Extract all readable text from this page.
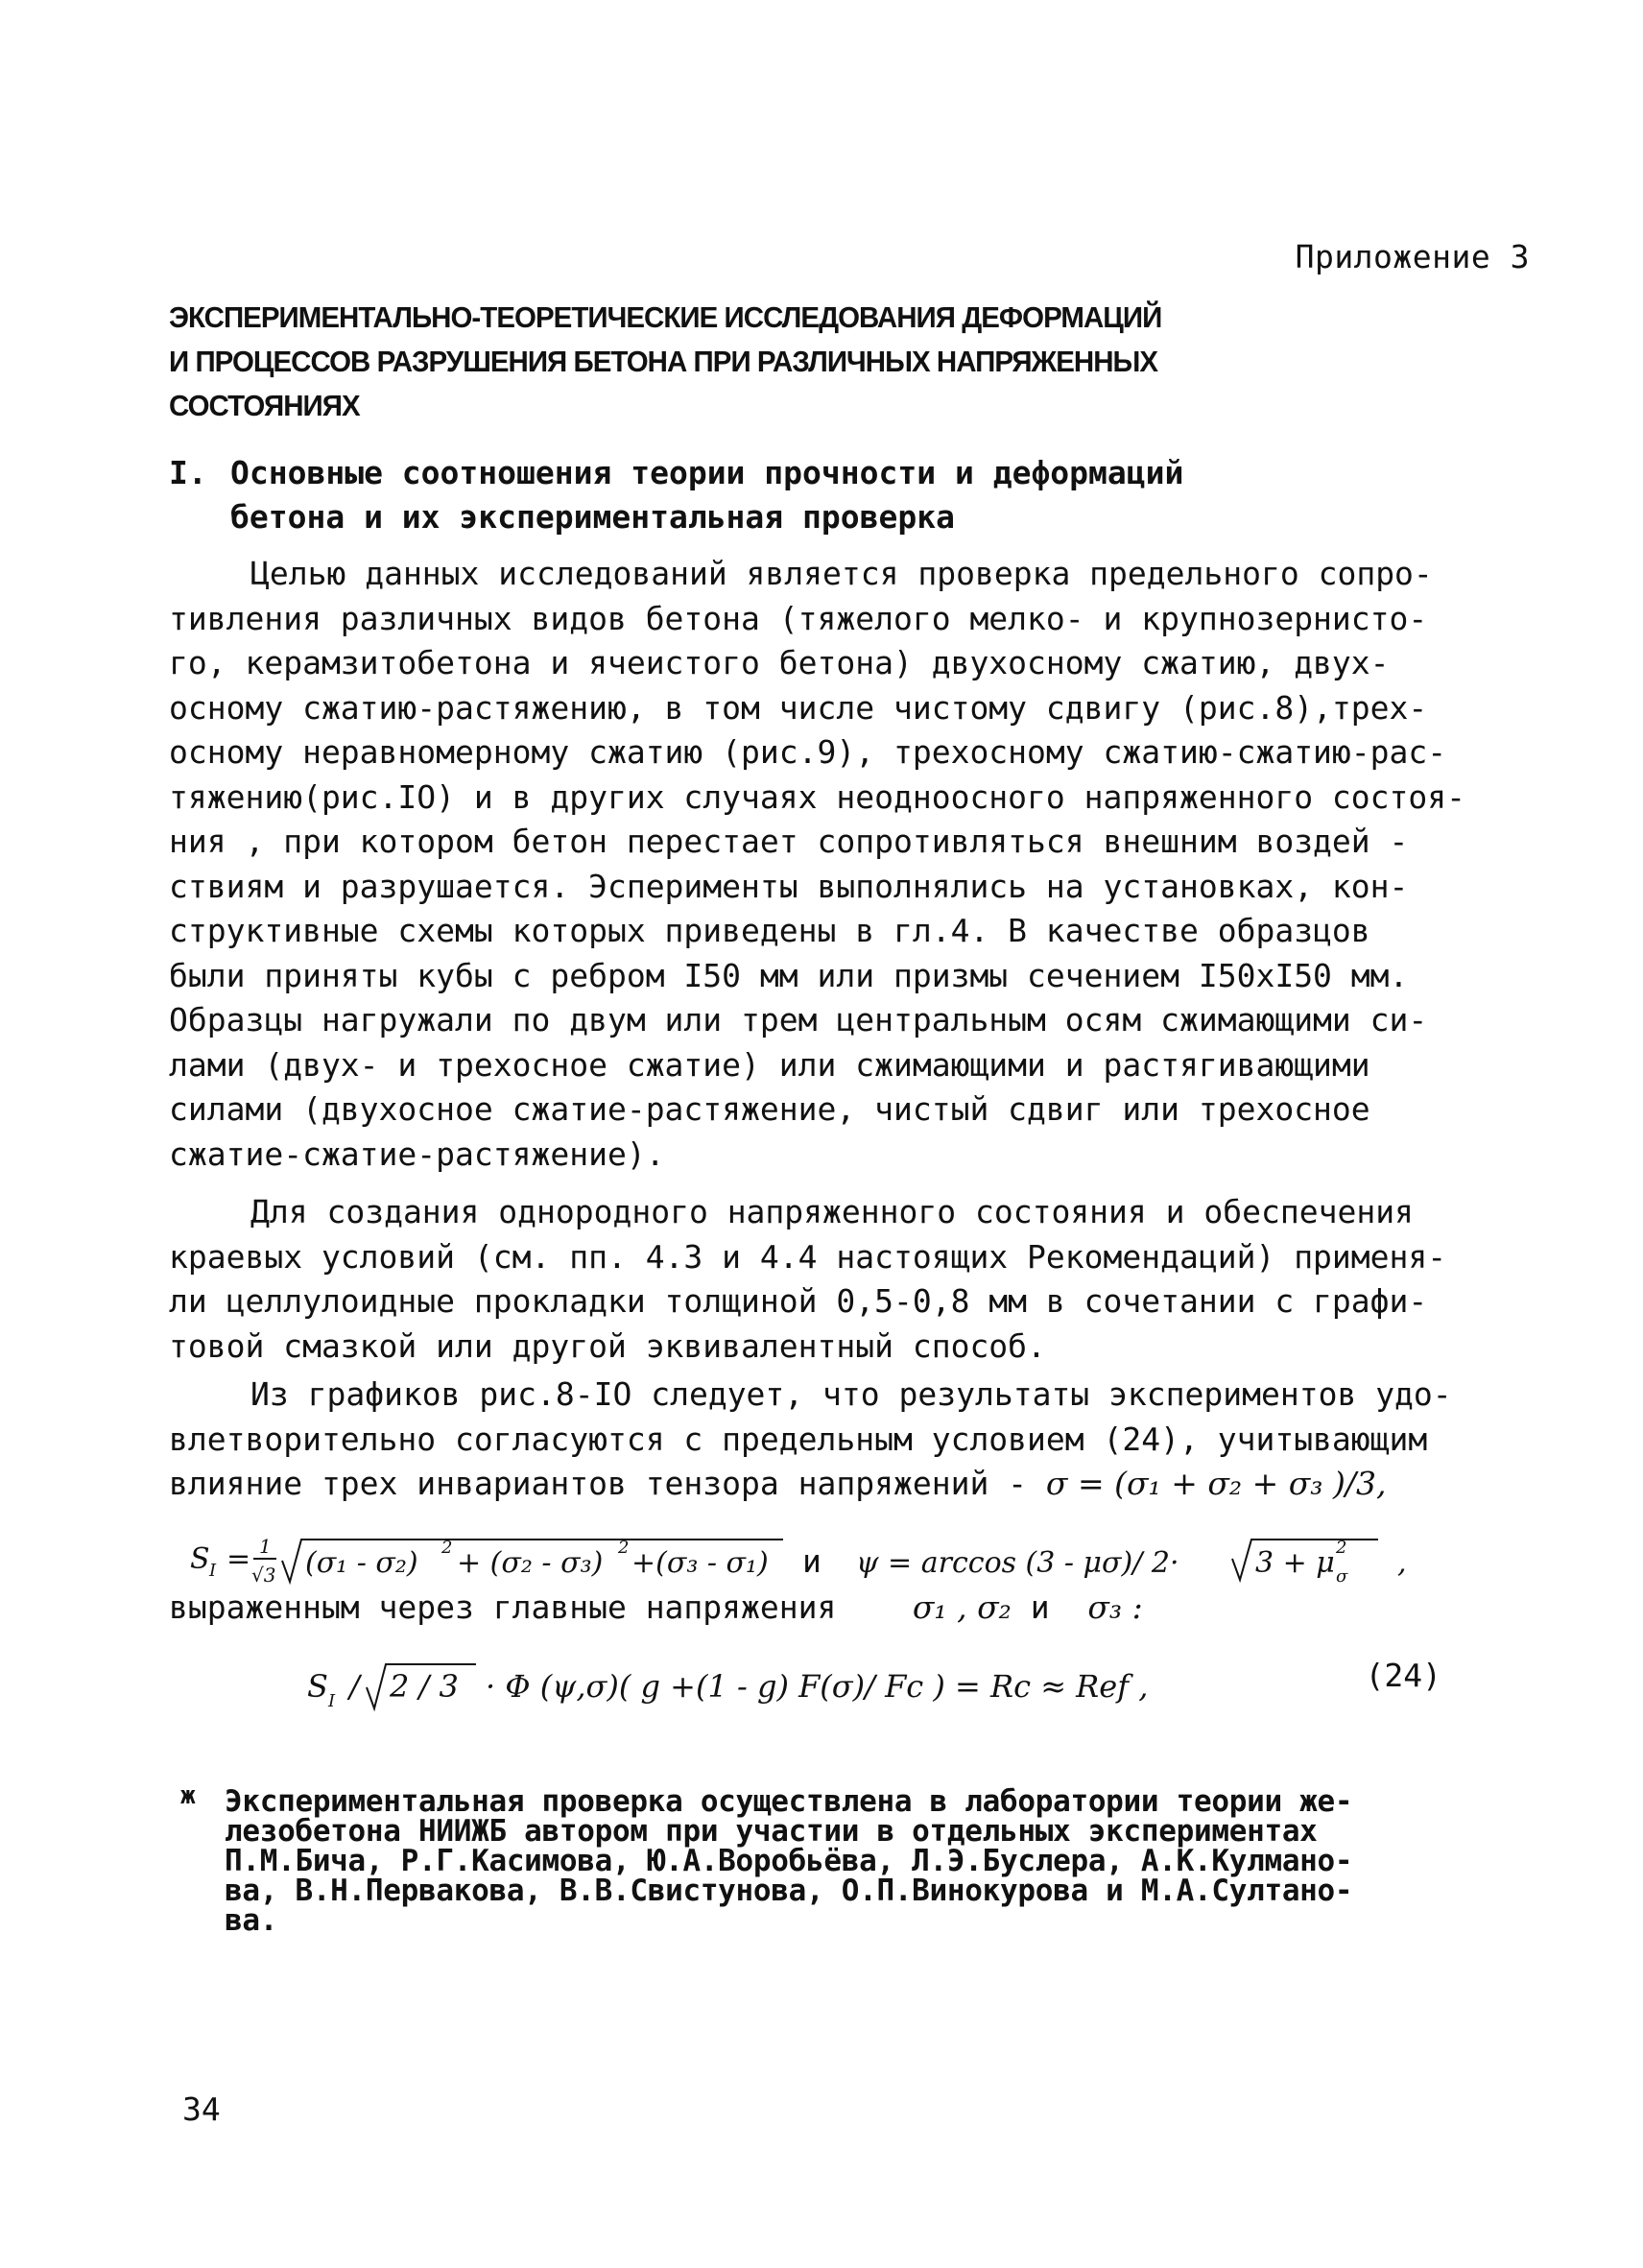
Приложение 3
ЭКСПЕРИМЕНТАЛЬНО-ТЕОРЕТИЧЕСКИЕ ИССЛЕДОВАНИЯ ДЕФОРМАЦИЙ
И ПРОЦЕССОВ РАЗРУШЕНИЯ БЕТОНА ПРИ РАЗЛИЧНЫХ НАПРЯЖЕННЫХ
СОСТОЯНИЯХ
I. Основные соотношения теории прочности и деформаций
бетона и их экспериментальная проверка
Целью данных исследований является проверка предельного сопро-
тивления различных видов бетона (тяжелого мелко- и крупнозернисто-
го, керамзитобетона и ячеистого бетона) двухосному сжатию, двух-
осному сжатию-растяжению, в том числе чистому сдвигу (рис.8),трех-
осному неравномерному сжатию (рис.9), трехосному сжатию-сжатию-рас-
тяжению(рис.IO) и в других случаях неодноосного напряженного состоя-
ния , при котором бетон перестает сопротивляться внешним воздей -
ствиям и разрушается. Эсперименты выполнялись на установках, кон-
структивные схемы которых приведены в гл.4. В качестве образцов
были приняты кубы с ребром I50 мм или призмы сечением I50xI50 мм.
Образцы нагружали по двум или трем центральным осям сжимающими си-
лами (двух- и трехосное сжатие) или сжимающими и растягивающими
силами (двухосное сжатие-растяжение, чистый сдвиг или трехосное
сжатие-сжатие-растяжение).
Для создания однородного напряженного состояния и обеспечения
краевых условий (см. пп. 4.3 и 4.4 настоящих Рекомендаций) применя-
ли целлулоидные прокладки толщиной 0,5-0,8 мм в сочетании с графи-
товой смазкой или другой эквивалентный способ.
Из графиков рис.8-IO следует, что результаты экспериментов удо-
влетворительно согласуются с предельным условием (24), учитывающим
влияние трех инвариантов тензора напряжений - σ = (σ₁ + σ₂ + σ₃ )/3,
S I = 1
√3 (σ₁ - σ₂) 2 + (σ₂ - σ₃) 2 +(σ₃ - σ₁) и ψ = arccos (3 - μσ)/ 2·	3 + μ 2
σ ,
выраженным через главные напряжения σ₁ , σ₂ и σ₃ :
S I / 2 / 3 · Φ (ψ,σ)( g +(1 - g) F(σ)/ Fc ) = Rc ≈ Ref ,	(24)
ж Экспериментальная проверка осуществлена в лаборатории теории же-
лезобетона НИИЖБ автором при участии в отдельных экспериментах
П.М.Бича, Р.Г.Касимова, Ю.А.Воробьёва, Л.Э.Буслера, А.К.Кулмано-
ва, В.Н.Первакова, В.В.Свистунова, О.П.Винокурова и М.А.Султано-
ва.
34
